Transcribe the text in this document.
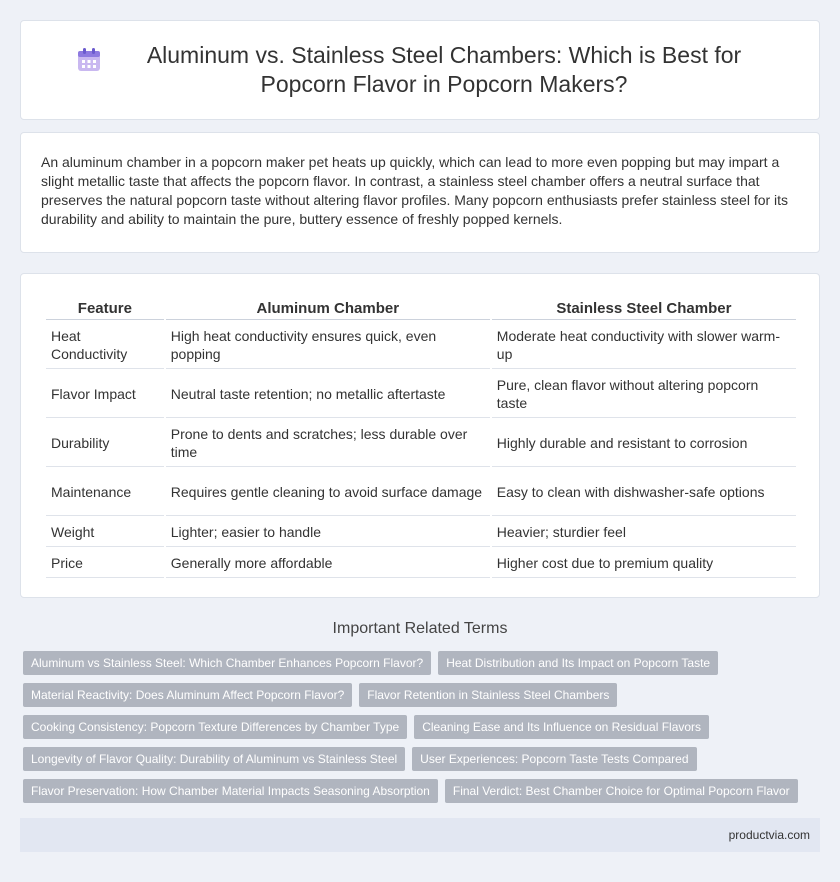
Aluminum vs. Stainless Steel Chambers: Which is Best for Popcorn Flavor in Popcorn Makers?

An aluminum chamber in a popcorn maker pet heats up quickly, which can lead to more even popping but may impart a slight metallic taste that affects the popcorn flavor. In contrast, a stainless steel chamber offers a neutral surface that preserves the natural popcorn taste without altering flavor profiles. Many popcorn enthusiasts prefer stainless steel for its durability and ability to maintain the pure, buttery essence of freshly popped kernels.

Feature	Aluminum Chamber	Stainless Steel Chamber
Heat Conductivity	High heat conductivity ensures quick, even popping	Moderate heat conductivity with slower warm-up
Flavor Impact	Neutral taste retention; no metallic aftertaste	Pure, clean flavor without altering popcorn taste
Durability	Prone to dents and scratches; less durable over time	Highly durable and resistant to corrosion
Maintenance	Requires gentle cleaning to avoid surface damage	Easy to clean with dishwasher-safe options
Weight	Lighter; easier to handle	Heavier; sturdier feel
Price	Generally more affordable	Higher cost due to premium quality
Important Related Terms
Aluminum vs Stainless Steel: Which Chamber Enhances Popcorn Flavor?	Heat Distribution and Its Impact on Popcorn Taste
Material Reactivity: Does Aluminum Affect Popcorn Flavor?	Flavor Retention in Stainless Steel Chambers
Cooking Consistency: Popcorn Texture Differences by Chamber Type	Cleaning Ease and Its Influence on Residual Flavors
Longevity of Flavor Quality: Durability of Aluminum vs Stainless Steel	User Experiences: Popcorn Taste Tests Compared
Flavor Preservation: How Chamber Material Impacts Seasoning Absorption	Final Verdict: Best Chamber Choice for Optimal Popcorn Flavor
productvia.com
